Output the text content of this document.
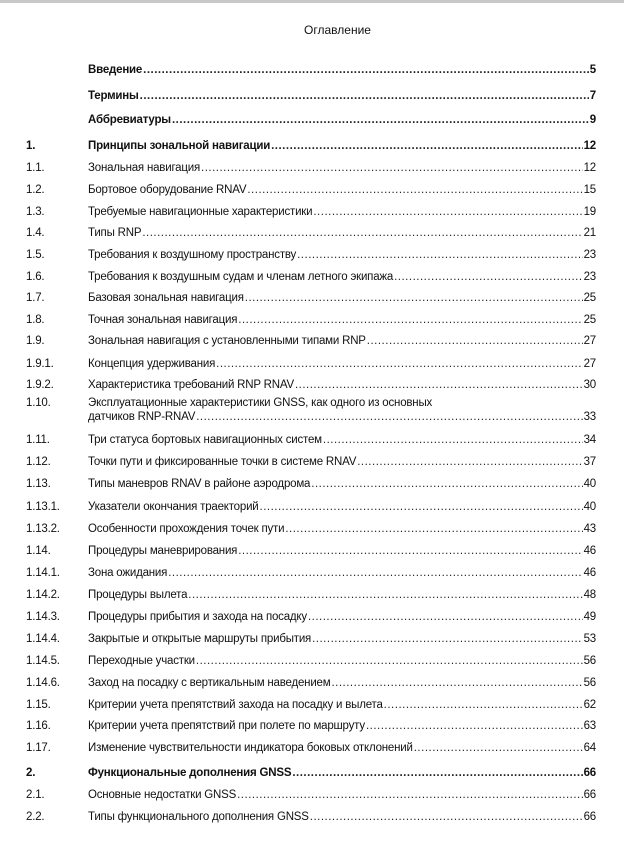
Оглавление
Введение .....	5
Термины .....	7
Аббревиатуры .....	9
1.	Принципы зональной навигации .....	12
1.1.	Зональная навигация .....	12
1.2.	Бортовое оборудование RNAV .....	15
1.3.	Требуемые навигационные характеристики .....	19
1.4.	Типы RNP .....	21
1.5.	Требования к воздушному пространству .....	23
1.6.	Требования к воздушным судам и членам летного экипажа .....	23
1.7.	Базовая зональная навигация .....	25
1.8.	Точная зональная навигация .....	25
1.9.	Зональная навигация с установленными типами RNP .....	27
1.9.1.	Концепция удерживания .....	27
1.9.2.	Характеристика требований RNP RNAV .....	30
1.10.	Эксплуатационные характеристики GNSS, как одного из основных
датчиков RNP-RNAV .....	33
1.11.	Три статуса бортовых навигационных систем .....	34
1.12.	Точки пути и фиксированные точки в системе RNAV .....	37
1.13.	Типы маневров RNAV в районе аэродрома .....	40
1.13.1. Указатели окончания траекторий .....	40
1.13.2. Особенности прохождения точек пути .....	43
1.14.	Процедуры маневрирования .....	46
1.14.1. Зона ожидания .....	46
1.14.2. Процедуры вылета .....	48
1.14.3. Процедуры прибытия и захода на посадку .....	49
1.14.4. Закрытые и открытые маршруты прибытия .....	53
1.14.5. Переходные участки .....	56
1.14.6. Заход на посадку с вертикальным наведением .....	56
1.15.	Критерии учета препятствий захода на посадку и вылета .....	62
1.16.	Критерии учета препятствий при полете по маршруту .....	63
1.17.	Изменение чувствительности индикатора боковых отклонений .....	64
2.	Функциональные дополнения GNSS .....	66
2.1.	Основные недостатки GNSS .....	66
2.2.	Типы функционального дополнения GNSS .....	66
